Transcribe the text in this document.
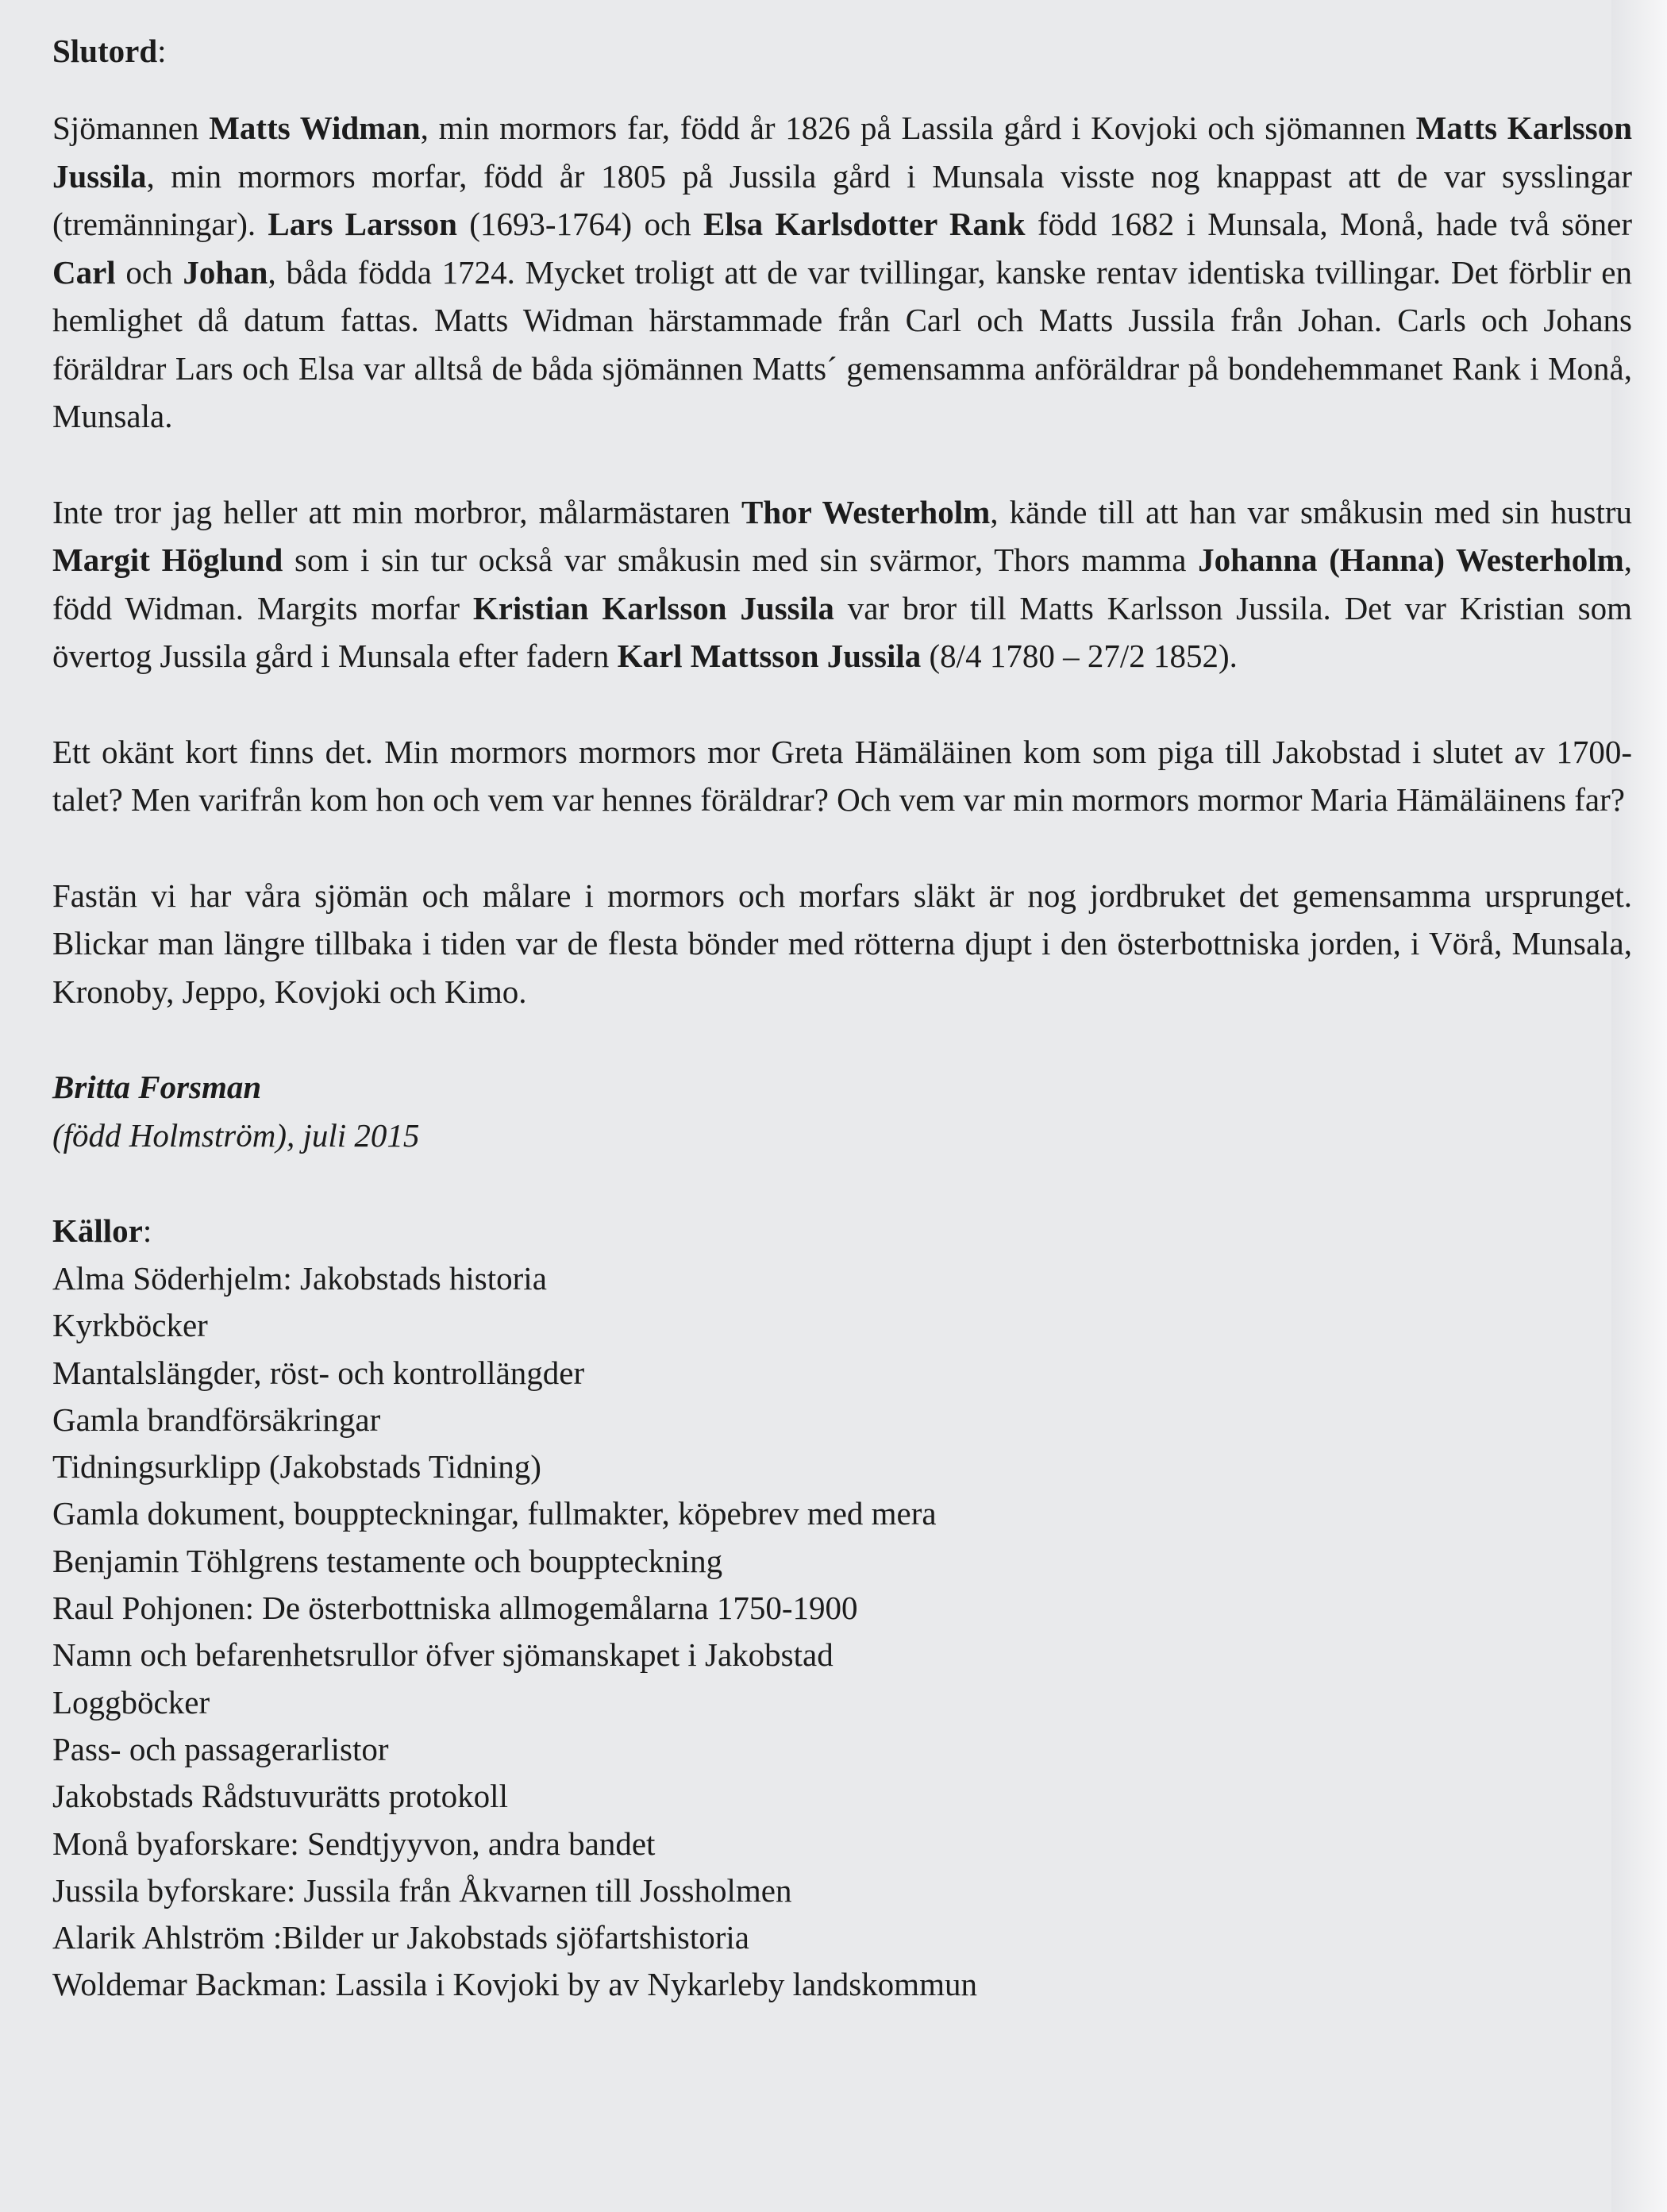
Slutord:

Sjömannen Matts Widman, min mormors far, född år 1826 på Lassila gård i Kovjoki och sjömannen Matts Karlsson Jussila, min mormors morfar, född år 1805 på Jussila gård i Munsala visste nog knappast att de var sysslingar (tremänningar). Lars Larsson (1693-1764) och Elsa Karlsdotter Rank född 1682 i Munsala, Monå, hade två söner Carl och Johan, båda födda 1724. Mycket troligt att de var tvillingar, kanske rentav identiska tvillingar. Det förblir en hemlighet då datum fattas. Matts Widman härstammade från Carl och Matts Jussila från Johan. Carls och Johans föräldrar Lars och Elsa var alltså de båda sjömännen Matts´ gemensamma anföräldrar på bondehemmanet Rank i Monå, Munsala.

Inte tror jag heller att min morbror, målarmästaren Thor Westerholm, kände till att han var småkusin med sin hustru Margit Höglund som i sin tur också var småkusin med sin svärmor, Thors mamma Johanna (Hanna) Westerholm, född Widman. Margits morfar Kristian Karlsson Jussila var bror till Matts Karlsson Jussila. Det var Kristian som övertog Jussila gård i Munsala efter fadern Karl Mattsson Jussila (8/4 1780 – 27/2 1852).

Ett okänt kort finns det. Min mormors mormors mor Greta Hämäläinen kom som piga till Jakobstad i slutet av 1700-talet? Men varifrån kom hon och vem var hennes föräldrar? Och vem var min mormors mormor Maria Hämäläinens far?

Fastän vi har våra sjömän och målare i mormors och morfars släkt är nog jordbruket det gemensamma ursprunget. Blickar man längre tillbaka i tiden var de flesta bönder med rötterna djupt i den österbottniska jorden, i Vörå, Munsala, Kronoby, Jeppo, Kovjoki och Kimo.

Britta Forsman

(född Holmström), juli 2015

Källor:

Alma Söderhjelm: Jakobstads historia
Kyrkböcker
Mantalslängder, röst- och kontrollängder
Gamla brandförsäkringar
Tidningsurklipp (Jakobstads Tidning)
Gamla dokument, bouppteckningar, fullmakter, köpebrev med mera
Benjamin Töhlgrens testamente och bouppteckning
Raul Pohjonen: De österbottniska allmogemålarna 1750-1900
Namn och befarenhetsrullor öfver sjömanskapet i Jakobstad
Loggböcker
Pass- och passagerarlistor
Jakobstads Rådstuvurätts protokoll
Monå byaforskare: Sendtjyyvon, andra bandet
Jussila byforskare: Jussila från Åkvarnen till Jossholmen
Alarik Ahlström :Bilder ur Jakobstads sjöfartshistoria
Woldemar Backman: Lassila i Kovjoki by av Nykarleby landskommun
